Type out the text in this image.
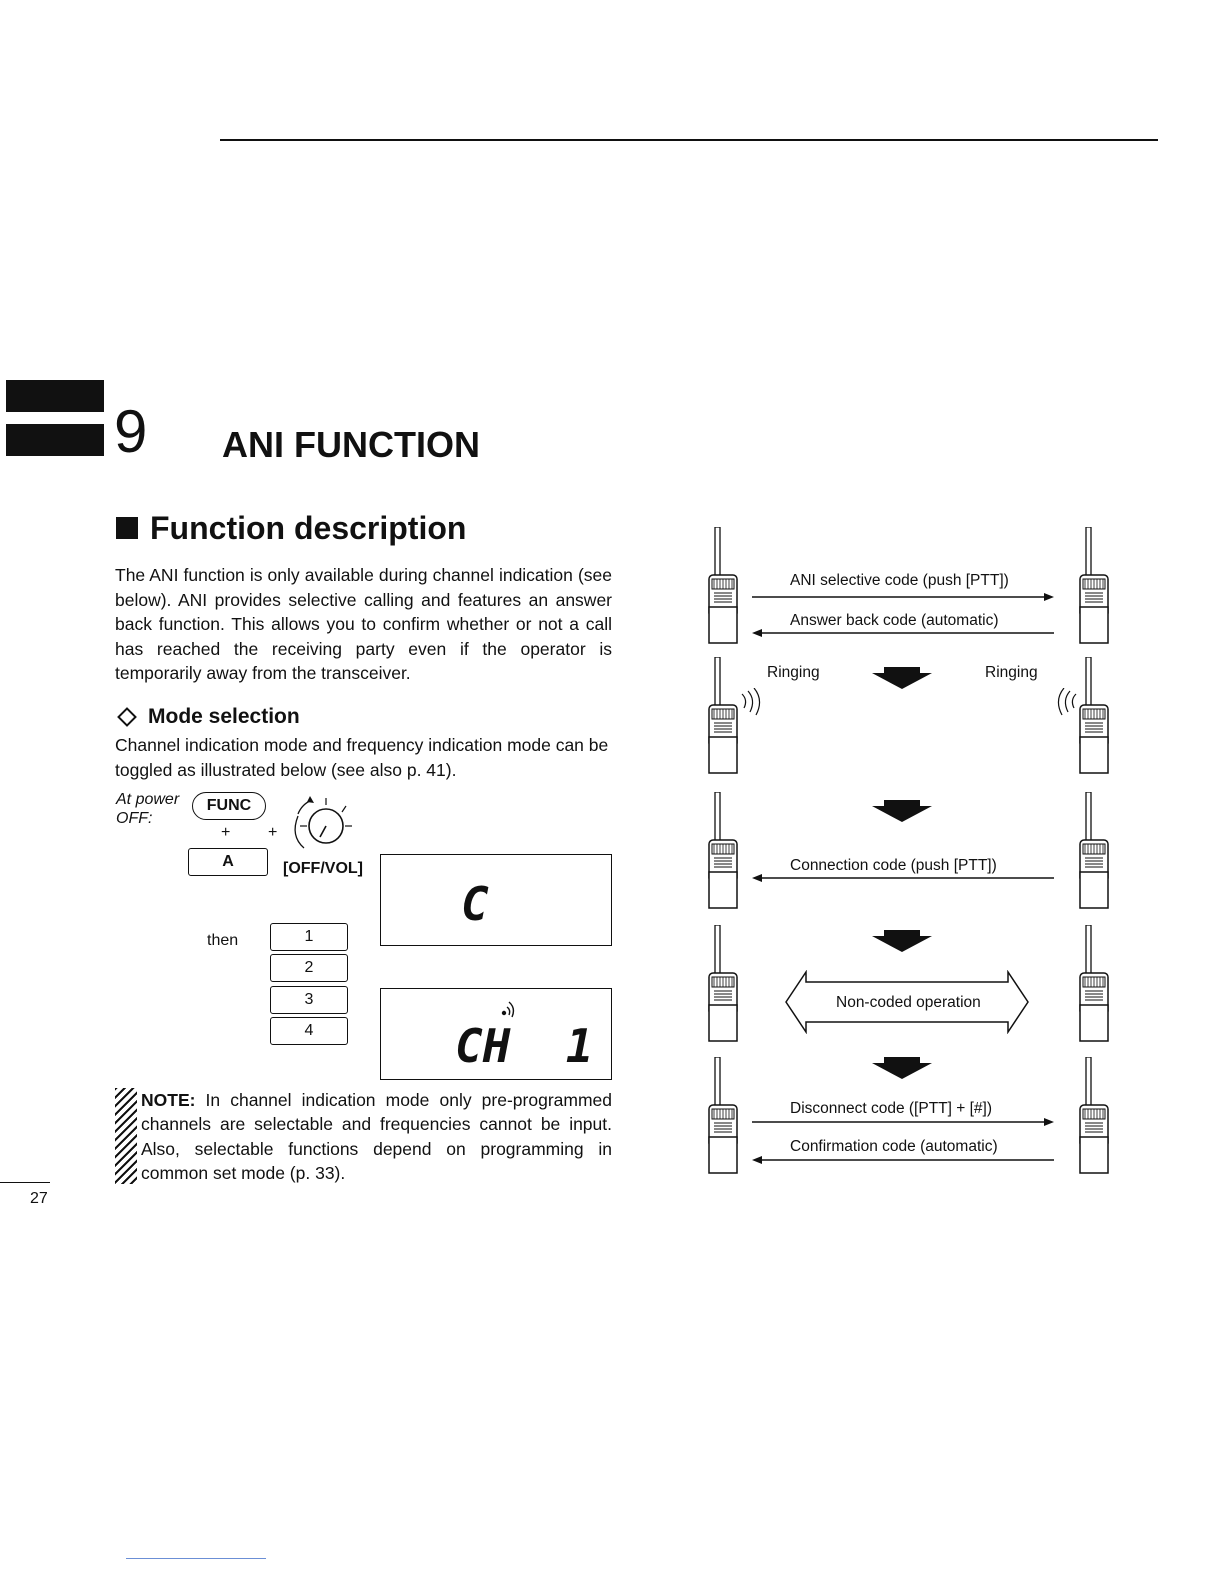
9 ANI FUNCTION
Function description
The ANI function is only available during channel indication (see below). ANI provides selective calling and features an answer back function. This allows you to confirm whether or not a call has reached the receiving party even if the operator is temporarily away from the transceiver.
Mode selection
Channel indication mode and frequency indication mode can be toggled as illustrated below (see also p. 41).
At power OFF:
FUNC
+ +
A	[OFF/VOL]
then	1
2
3
4
C
CH  1
NOTE: In channel indication mode only pre-programmed channels are selectable and frequencies cannot be input. Also, selectable functions depend on programming in common set mode (p. 33).
27
ANI selective code (push [PTT])
Answer back code (automatic)
Ringing	Ringing
Connection code (push [PTT])
Non-coded operation
Disconnect code ([PTT] + [#])
Confirmation code (automatic)
